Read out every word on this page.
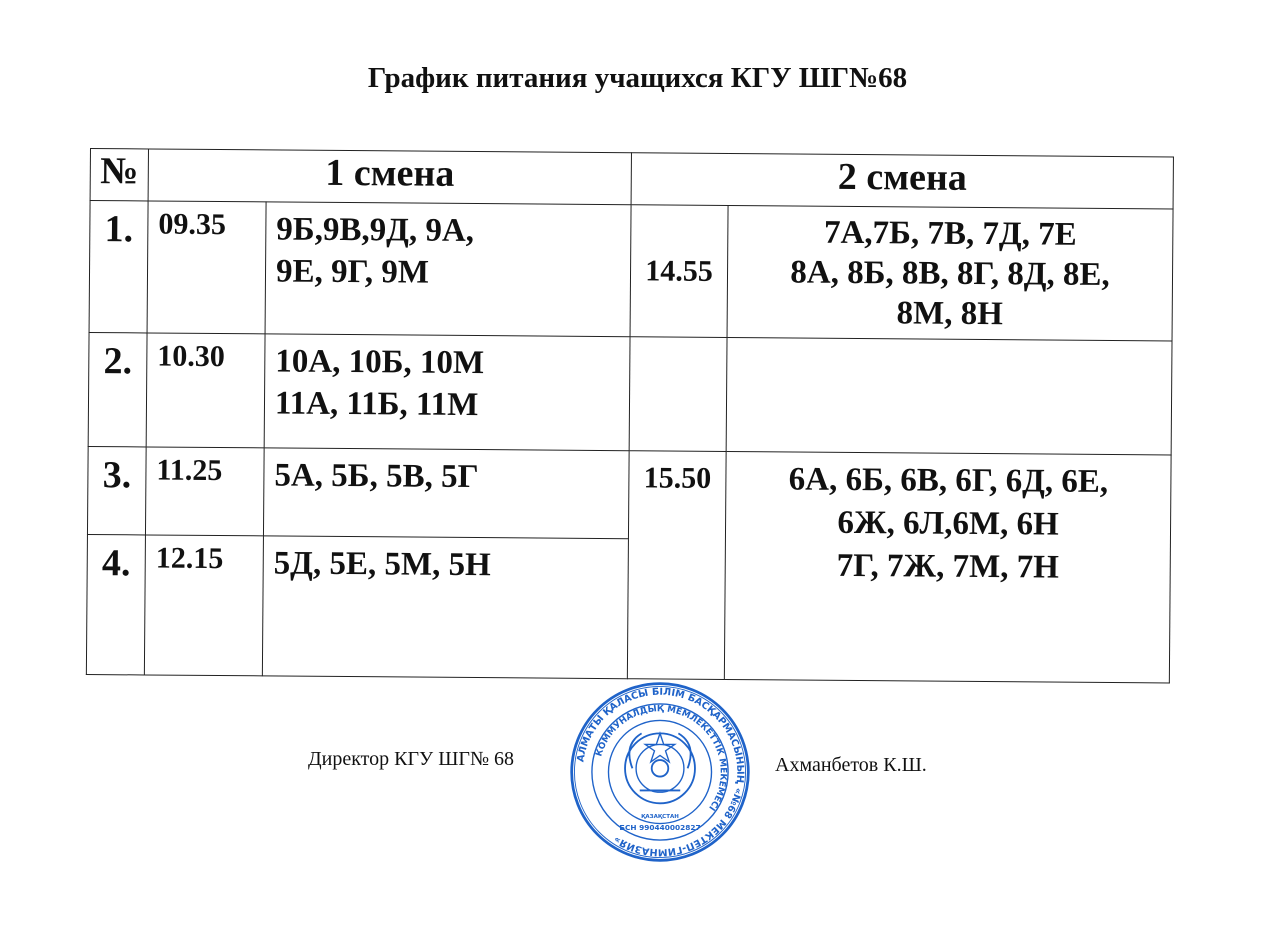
График питания учащихся КГУ ШГ№68
№	1 смена		2 смена	
1.	09.35	9Б,9В,9Д, 9А,
9Е, 9Г, 9М	14.55	7А,7Б, 7В, 7Д, 7Е
8А, 8Б, 8В, 8Г, 8Д, 8Е,
8М, 8Н

2.	10.30	10А, 10Б, 10М
11А, 11Б, 11М		

3.	11.25	5А, 5Б, 5В, 5Г	15.50	6А, 6Б, 6В, 6Г, 6Д, 6Е,
6Ж, 6Л,6М, 6Н
7Г, 7Ж, 7М, 7Н

4.	12.15	5Д, 5Е, 5М, 5Н		
Директор КГУ ШГ№ 68	Ахманбетов К.Ш.
АЛМАТЫ ҚАЛАСЫ БІЛІМ БАСҚАРМАСЫНЫҢ «№68 МЕКТЕП-ГИМНАЗИЯ»
КОММУНАЛДЫҚ МЕМЛЕКЕТТІК МЕКЕМЕСІ
ҚАЗАҚСТАН
БСН 990440002827
